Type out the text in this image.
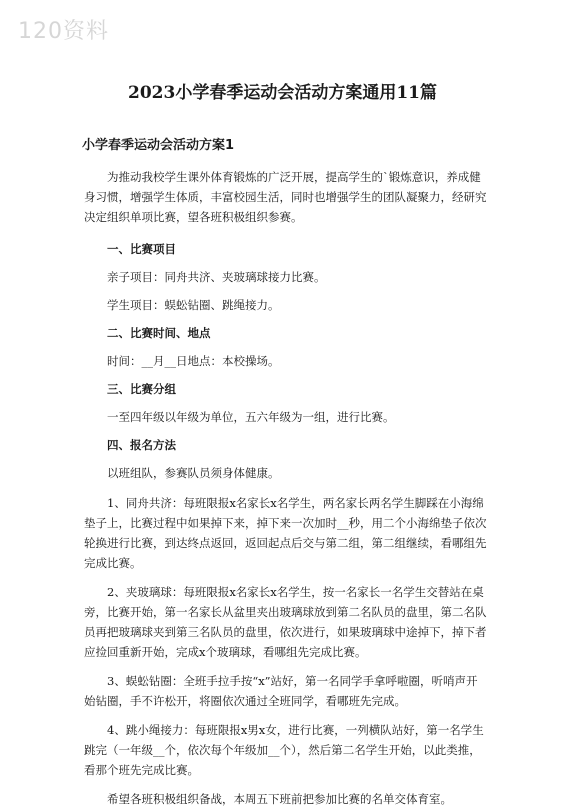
120资料
2023小学春季运动会活动方案通用11篇
小学春季运动会活动方案1

为推动我校学生课外体育锻炼的广泛开展，提高学生的`锻炼意识，养成健身习惯，增强学生体质，丰富校园生活，同时也增强学生的团队凝聚力，经研究决定组织单项比赛，望各班积极组织参赛。

一、比赛项目

亲子项目：同舟共济、夹玻璃球接力比赛。

学生项目：蜈蚣钻圈、跳绳接力。

二、比赛时间、地点

时间：__月__日地点：本校操场。

三、比赛分组

一至四年级以年级为单位，五六年级为一组，进行比赛。

四、报名方法

以班组队，参赛队员须身体健康。

1、同舟共济：每班限报x名家长x名学生，两名家长两名学生脚踩在小海绵垫子上，比赛过程中如果掉下来，掉下来一次加时__秒，用二个小海绵垫子依次轮换进行比赛，到达终点返回，返回起点后交与第二组，第二组继续，看哪组先完成比赛。

2、夹玻璃球：每班限报x名家长x名学生，按一名家长一名学生交替站在桌旁，比赛开始，第一名家长从盆里夹出玻璃球放到第二名队员的盘里，第二名队员再把玻璃球夹到第三名队员的盘里，依次进行，如果玻璃球中途掉下，掉下者应捡回重新开始，完成x个玻璃球，看哪组先完成比赛。

3、蜈蚣钻圈：全班手拉手按“x”站好，第一名同学手拿呼啦圈，听哨声开始钻圈，手不许松开，将圈依次通过全班同学，看哪班先完成。

4、跳小绳接力：每班限报x男x女，进行比赛，一列横队站好，第一名学生跳完（一年级__个，依次每个年级加__个），然后第二名学生开始，以此类推，看那个班先完成比赛。

希望各班积极组织备战，本周五下班前把参加比赛的名单交体育室。
